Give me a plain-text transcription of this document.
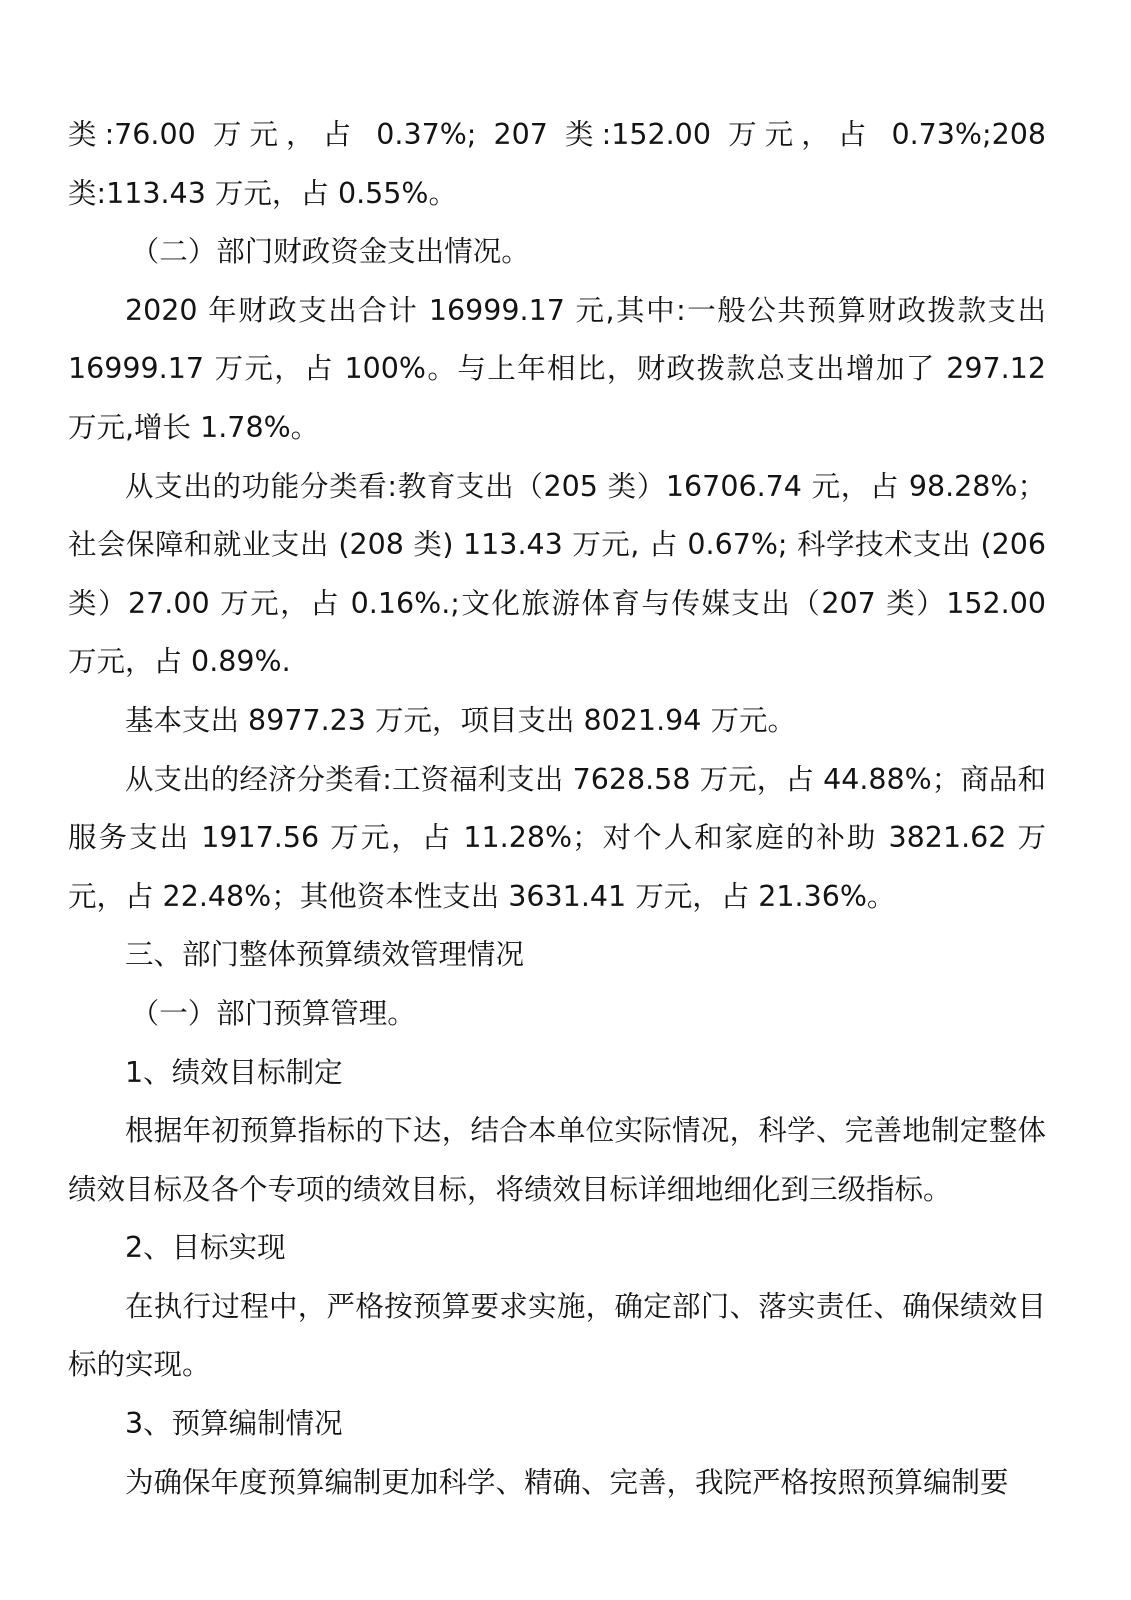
类:76.00 万元，占 0.37%; 207 类:152.00 万元，占 0.73%;208 类:113.43 万元，占 0.55%。

（二）部门财政资金支出情况。

2020 年财政支出合计 16999.17 元,其中:一般公共预算财政拨款支出 16999.17 万元，占 100%。与上年相比，财政拨款总支出增加了 297.12 万元,增长 1.78%。

从支出的功能分类看:教育支出（205 类）16706.74 元，占 98.28%；社会保障和就业支出 (208 类) 113.43 万元, 占 0.67%; 科学技术支出 (206 类）27.00 万元，占 0.16%.;文化旅游体育与传媒支出（207 类）152.00 万元，占 0.89%.

基本支出 8977.23 万元，项目支出 8021.94 万元。

从支出的经济分类看:工资福利支出 7628.58 万元，占 44.88%；商品和服务支出 1917.56 万元，占 11.28%；对个人和家庭的补助 3821.62 万元，占 22.48%；其他资本性支出 3631.41 万元，占 21.36%。

三、部门整体预算绩效管理情况

（一）部门预算管理。

1、绩效目标制定

根据年初预算指标的下达，结合本单位实际情况，科学、完善地制定整体绩效目标及各个专项的绩效目标，将绩效目标详细地细化到三级指标。

2、目标实现

在执行过程中，严格按预算要求实施，确定部门、落实责任、确保绩效目标的实现。

3、预算编制情况

为确保年度预算编制更加科学、精确、完善，我院严格按照预算编制要
